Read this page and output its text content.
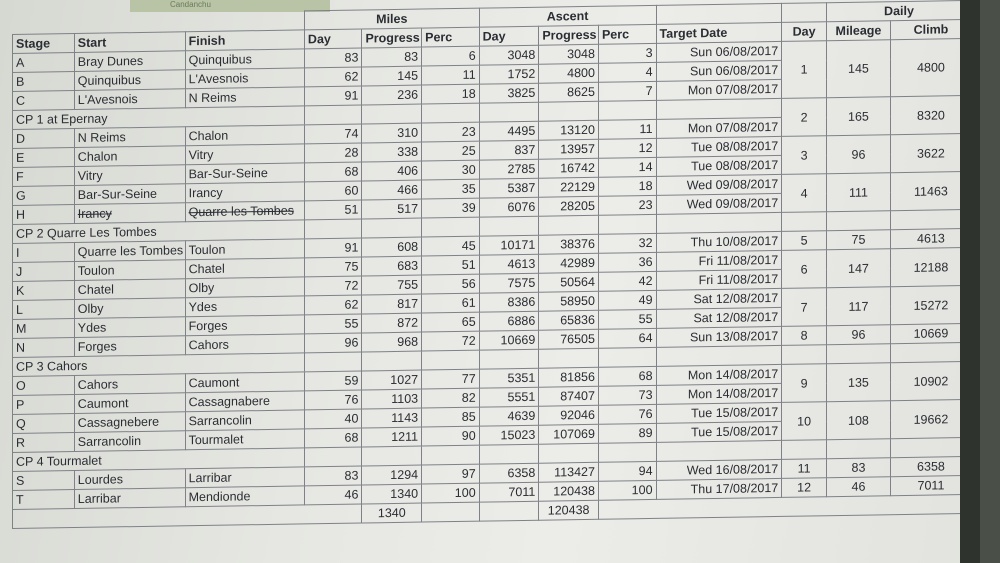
Candanchu
			Miles			Ascent					Daily	
Stage	Start	Finish	Day	Progress	Perc	Day	Progress	Perc	Target Date	Day	Mileage	Climb
A	Bray Dunes	Quinquibus	83	83	6	3048	3048	3	Sun 06/08/2017	1	145	4800
B	Quinquibus	L'Avesnois	62	145	11	1752	4800	4	Sun 06/08/2017			
C	L'Avesnois	N Reims	91	236	18	3825	8625	7	Mon 07/08/2017			
CP 1 at Epernay										2	165	8320
D	N Reims	Chalon	74	310	23	4495	13120	11	Mon 07/08/2017			
E	Chalon	Vitry	28	338	25	837	13957	12	Tue 08/08/2017	3	96	3622
F	Vitry	Bar-Sur-Seine	68	406	30	2785	16742	14	Tue 08/08/2017			
G	Bar-Sur-Seine	Irancy	60	466	35	5387	22129	18	Wed 09/08/2017	4	111	11463
H	Irancy	Quarre les Tombes	51	517	39	6076	28205	23	Wed 09/08/2017			
CP 2 Quarre Les Tombes												
I	Quarre les Tombes	Toulon	91	608	45	10171	38376	32	Thu 10/08/2017	5	75	4613
J	Toulon	Chatel	75	683	51	4613	42989	36	Fri 11/08/2017	6	147	12188
K	Chatel	Olby	72	755	56	7575	50564	42	Fri 11/08/2017			
L	Olby	Ydes	62	817	61	8386	58950	49	Sat 12/08/2017	7	117	15272
M	Ydes	Forges	55	872	65	6886	65836	55	Sat 12/08/2017			
N	Forges	Cahors	96	968	72	10669	76505	64	Sun 13/08/2017	8	96	10669
CP 3 Cahors												
O	Cahors	Caumont	59	1027	77	5351	81856	68	Mon 14/08/2017	9	135	10902
P	Caumont	Cassagnabere	76	1103	82	5551	87407	73	Mon 14/08/2017			
Q	Cassagnebere	Sarrancolin	40	1143	85	4639	92046	76	Tue 15/08/2017	10	108	19662
R	Sarrancolin	Tourmalet	68	1211	90	15023	107069	89	Tue 15/08/2017			
CP 4 Tourmalet												
S	Lourdes	Larribar	83	1294	97	6358	113427	94	Wed 16/08/2017	11	83	6358
T	Larribar	Mendionde	46	1340	100	7011	120438	100	Thu 17/08/2017	12	46	7011
				1340			120438					
